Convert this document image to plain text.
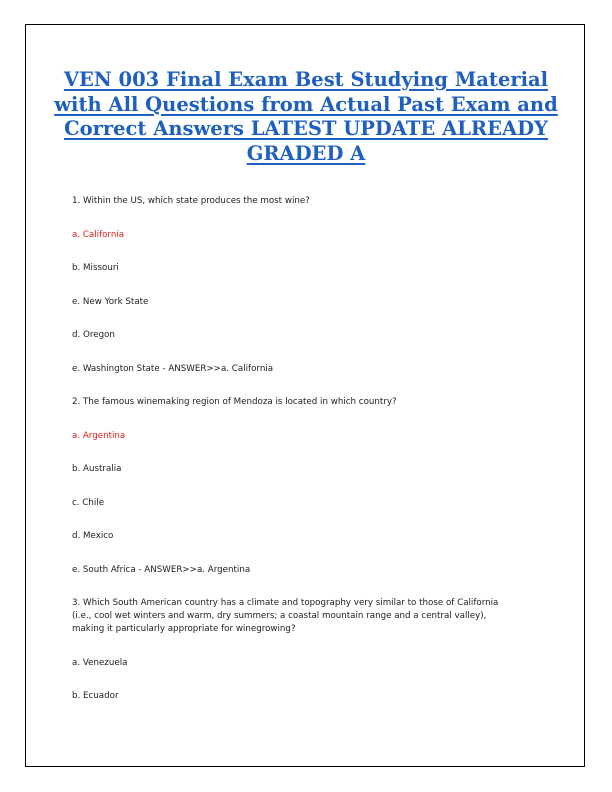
VEN 003 Final Exam Best Studying Material with All Questions from Actual Past Exam and Correct Answers LATEST UPDATE ALREADY GRADED A

1. Within the US, which state produces the most wine?

a. California

b. Missouri

e. New York State

d. Oregon

e. Washington State - ANSWER>>a. California

2. The famous winemaking region of Mendoza is located in which country?

a. Argentina

b. Australia

c. Chile

d. Mexico

e. South Africa - ANSWER>>a. Argentina

3. Which South American country has a climate and topography very similar to those of California
(i.e., cool wet winters and warm, dry summers; a coastal mountain range and a central valley),
making it particularly appropriate for winegrowing?

a. Venezuela

b. Ecuador
